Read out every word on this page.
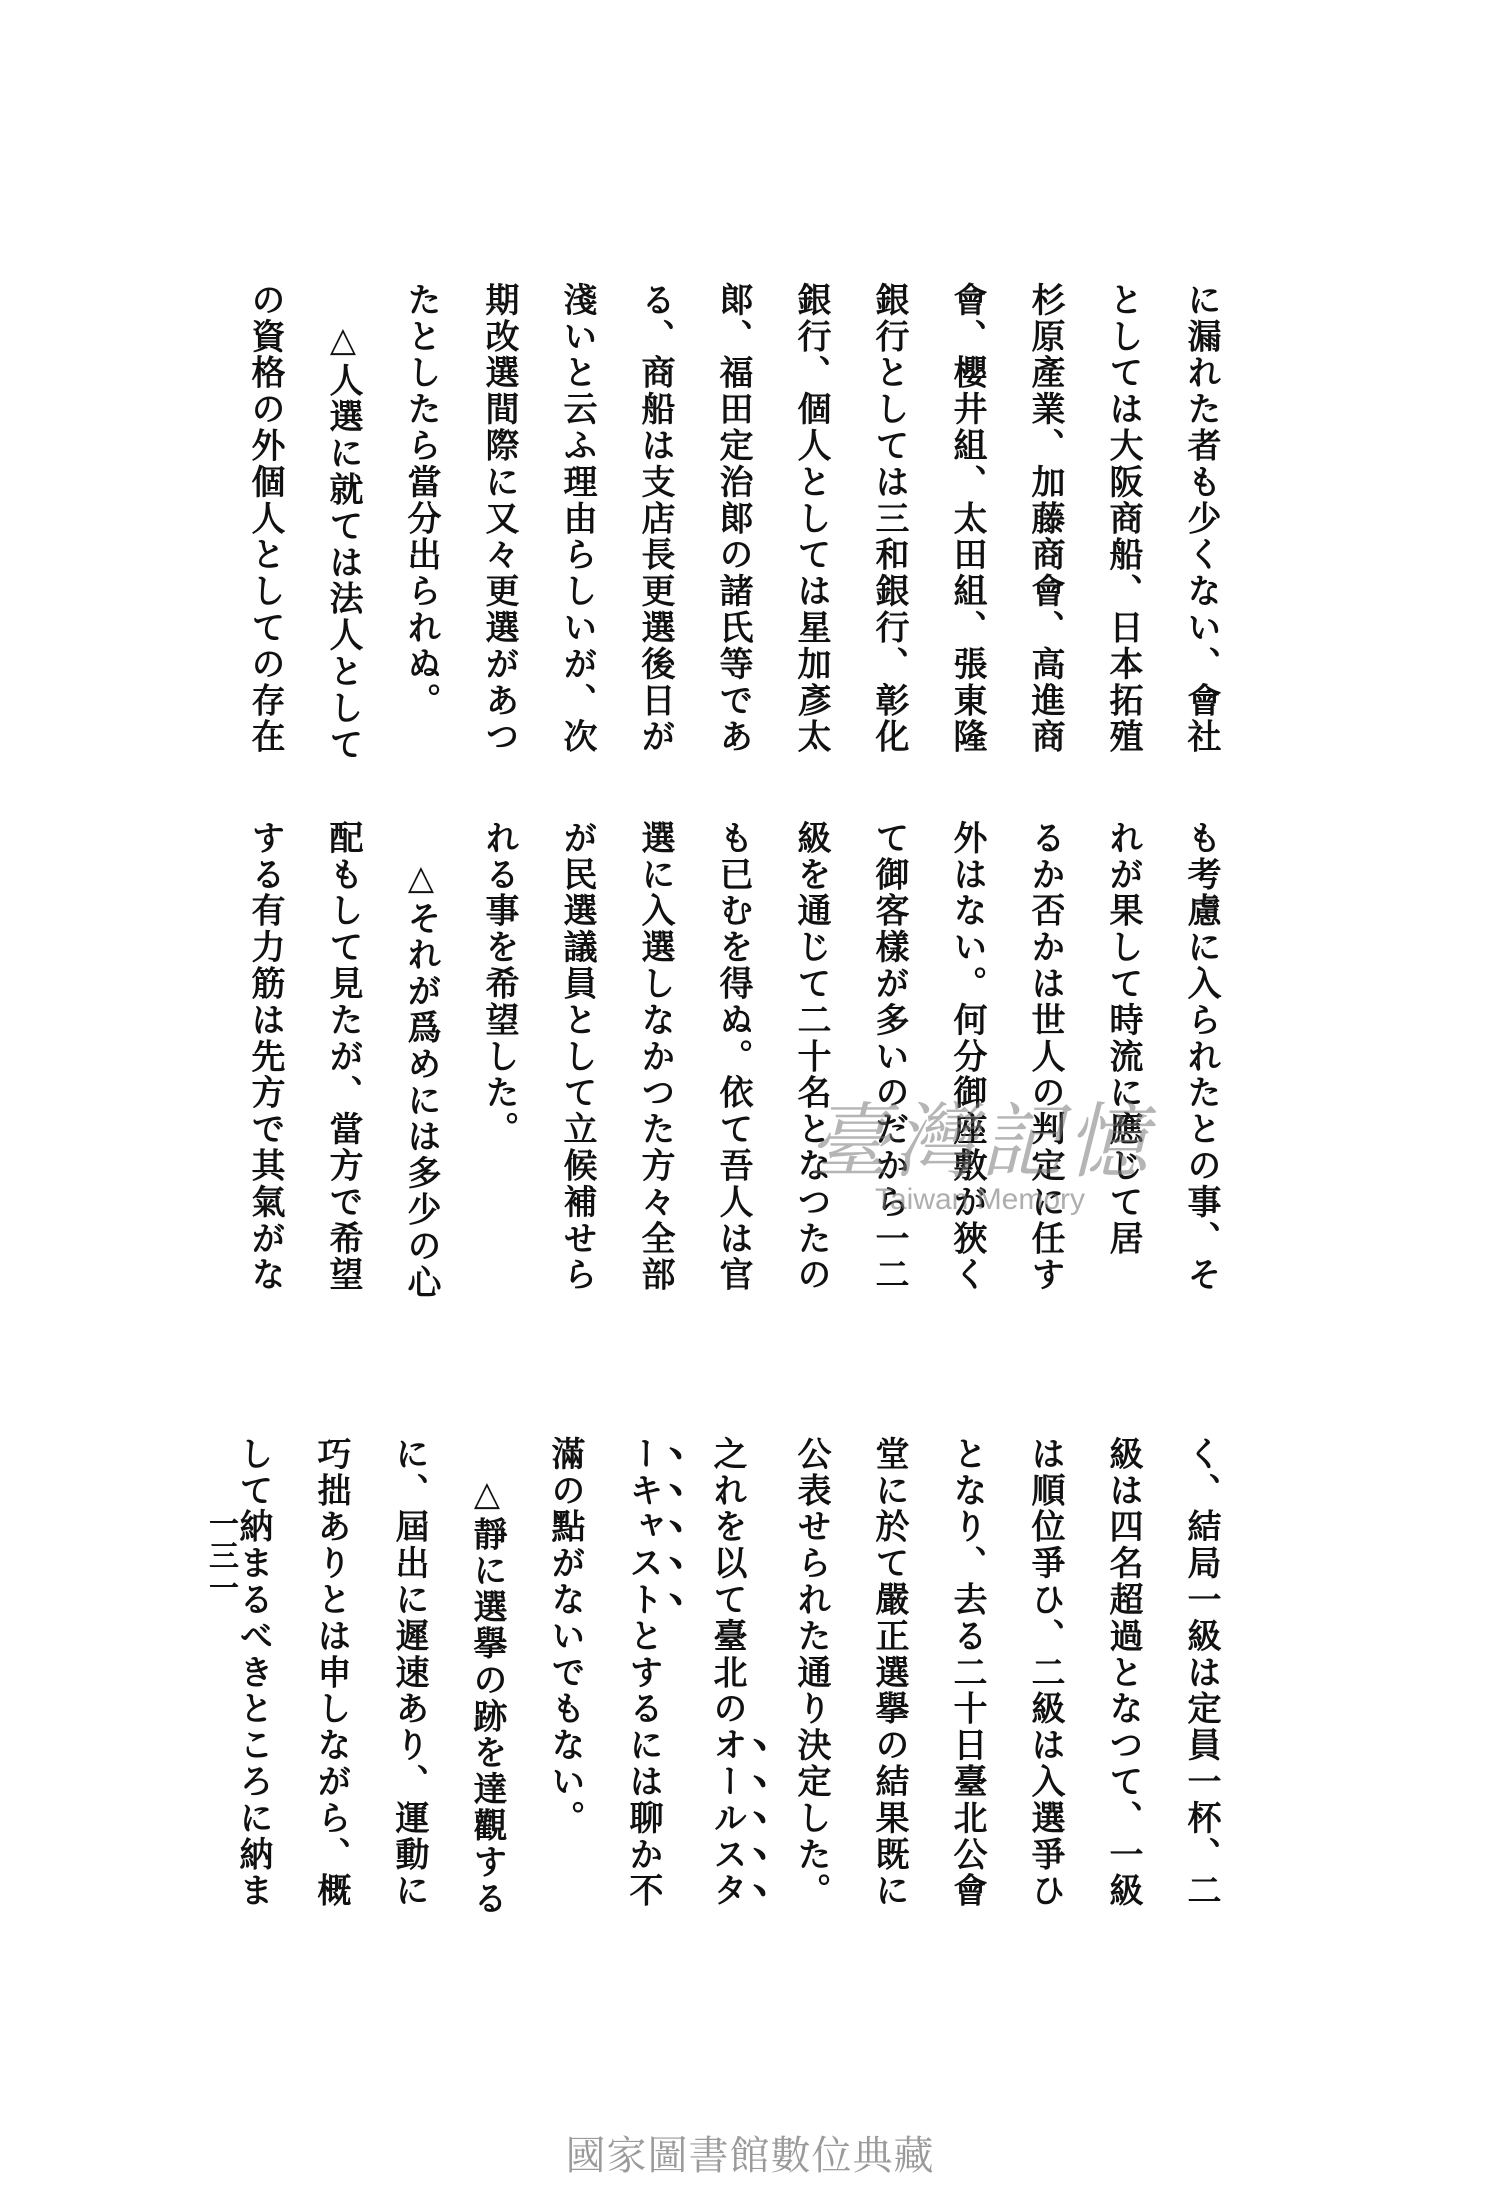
に漏れた者も少くない、會社
としては大阪商船、日本拓殖
杉原產業、加藤商會、高進商
會、櫻井組、太田組、張東隆
銀行としては三和銀行、彰化
銀行、個人としては星加彥太
郞、福田定治郞の諸氏等であ
る、商船は支店長更選後日が
淺いと云ふ理由らしいが、次
期改選間際に又々更選があつ
たとしたら當分出られぬ。
△人選に就ては法人として
の資格の外個人としての存在
も考慮に入られたとの事、そ
れが果して時流に應じて居
るか否かは世人の判定に任す
外はない。何分御座敷が狹く
て御客樣が多いのだから一二
級を通じて二十名となつたの
も已むを得ぬ。依て吾人は官
選に入選しなかつた方々全部
が民選議員として立候補せら
れる事を希望した。
△それが爲めには多少の心
配もして見たが、當方で希望
する有力筋は先方で其氣がな
く、結局一級は定員一杯、二
級は四名超過となつて、一級
は順位爭ひ、二級は入選爭ひ
となり、去る二十日臺北公會
堂に於て嚴正選擧の結果既に
公表せられた通り決定した。
之れを以て臺北のオールスタ
ーキャストとするには聊か不
滿の點がないでもない。
△靜に選擧の跡を達觀する
に、屆出に遲速あり、運動に
巧拙ありとは申しながら、概
して納まるべきところに納ま
一三一
臺灣記憶
Taiwan Memory
國家圖書館數位典藏
